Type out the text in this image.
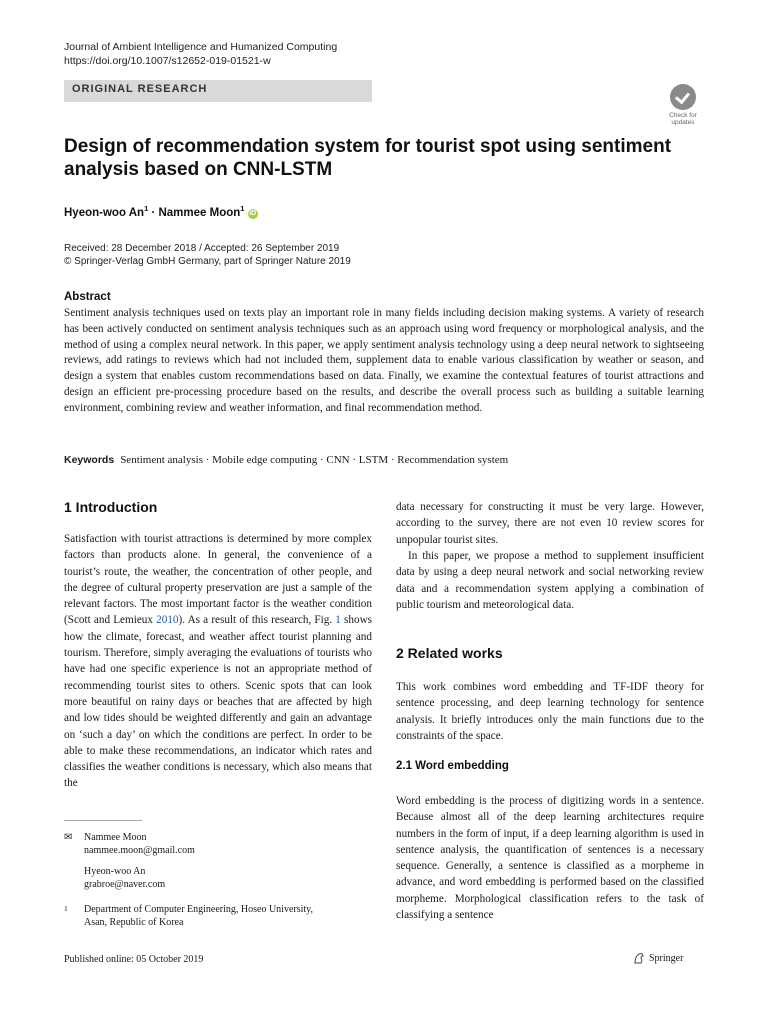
Journal of Ambient Intelligence and Humanized Computing
https://doi.org/10.1007/s12652-019-01521-w
ORIGINAL RESEARCH
Check for
updates
Design of recommendation system for tourist spot using sentiment
analysis based on CNN-LSTM
Hyeon-woo $An^1$ · Nammee Moon$^1$ iD
Received: 28 December 2018 / Accepted: 26 September 2019
© Springer-Verlag GmbH Germany, part of Springer Nature 2019
Abstract

Sentiment analysis techniques used on texts play an important role in many fields including decision making systems. A variety of research has been actively conducted on sentiment analysis techniques such as an approach using word frequency or morphological analysis, and the method of using a complex neural network. In this paper, we apply sentiment analysis technology using a deep neural network to sightseeing reviews, add ratings to reviews which had not included them, supplement data to enable various classification by weather or season, and design a system that enables custom recommendations based on data. Finally, we examine the contextual features of tourist attractions and design an efficient pre-processing procedure based on the results, and describe the overall process such as building a suitable learning environment, combining review and weather information, and final recommendation method.

Keywords Sentiment analysis · Mobile edge computing · CNN · LSTM · Recommendation system
1 Introduction

Satisfaction with tourist attractions is determined by more complex factors than products alone. In general, the convenience of a tourist’s route, the weather, the concentration of other people, and the degree of cultural property preservation are just a sample of the relevant factors. The most important factor is the weather condition (Scott and Lemieux 2010). As a result of this research, Fig. 1 shows how the climate, forecast, and weather affect tourist planning and tourism. Therefore, simply averaging the evaluations of tourists who have had one specific experience is not an appropriate method of recommending tourist sites to others. Scenic spots that can look more beautiful on rainy days or beaches that are affected by high and low tides should be weighted differently and gain an advantage on ‘such a day’ on which the conditions are perfect. In order to be able to make these recommendations, an indicator which rates and classifies the weather conditions is necessary, which also means that the

data necessary for constructing it must be very large. However, according to the survey, there are not even 10 review scores for unpopular tourist sites.

In this paper, we propose a method to supplement insufficient data by using a deep neural network and social networking review data and a recommendation system applying a combination of public tourism and meteorological data.

2 Related works

This work combines word embedding and TF-IDF theory for sentence processing, and deep learning technology for sentence analysis. It briefly introduces only the main functions due to the constraints of the space.

2.1 Word embedding

Word embedding is the process of digitizing words in a sentence. Because almost all of the deep learning architectures require numbers in the form of input, if a deep learning algorithm is used in sentence analysis, the quantification of sentences is a necessary sequence. Generally, a sentence is classified as a morpheme in advance, and word embedding is performed based on the classified morpheme. Morphological classification refers to the task of classifying a sentence

✉ Nammee Moon
nammee.moon@gmail.com
Hyeon-woo An
grabroe@naver.com
1 Department of Computer Engineering, Hoseo University,
Asan, Republic of Korea
Published online: 05 October 2019	Springer
